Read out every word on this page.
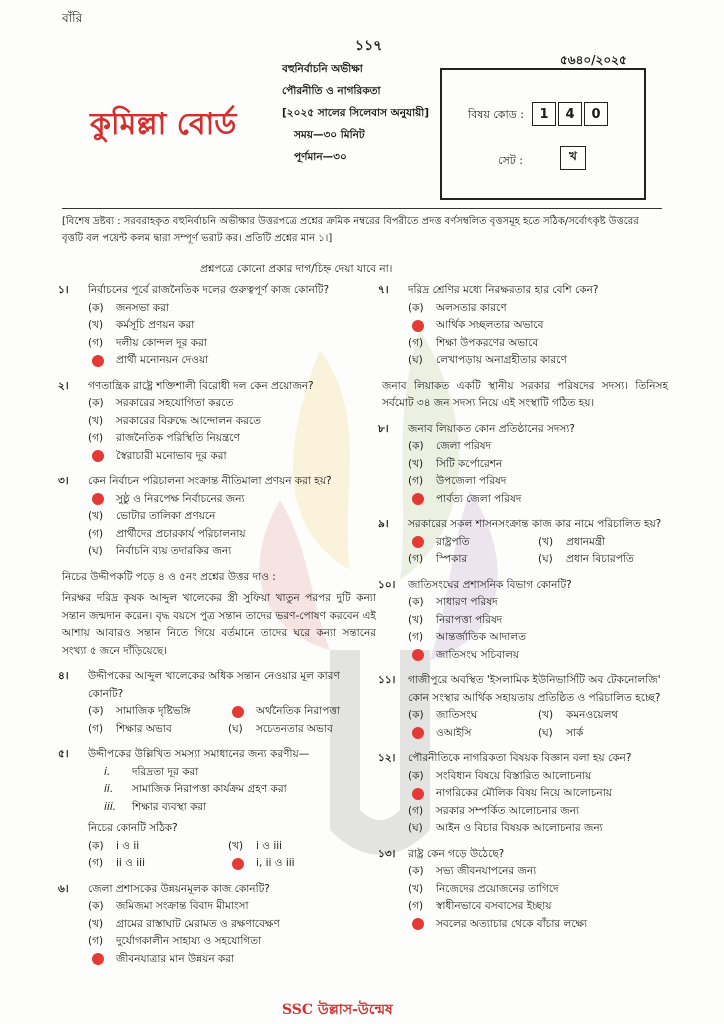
বাঁরি
১১৭
কুমিল্লা বোর্ড
বহুনির্বাচনি অভীক্ষা
পৌরনীতি ও নাগরিকতা
[২০২৫ সালের সিলেবাস অনুযায়ী]
সময়—৩০ মিনিট
পূর্ণমান—৩০
৫৬৪০/২০২৫
বিষয় কোড :	1	4	0
সেট :	খ
[বিশেষ দ্রষ্টব্য : সরবরাহকৃত বহুনির্বাচনি অভীক্ষার উত্তরপত্রে প্রশ্নের ক্রমিক নম্বরের বিপরীতে প্রদত্ত বর্ণসম্বলিত বৃত্তসমূহ হতে সঠিক/সর্বোৎকৃষ্ট উত্তরের বৃত্তটি বল পয়েন্ট কলম দ্বারা সম্পূর্ণ ভরাট কর। প্রতিটি প্রশ্নের মান ১।]
প্রশ্নপত্রে কোনো প্রকার দাগ/চিহ্ন দেয়া যাবে না।
১।	নির্বাচনের পূর্বে রাজনৈতিক দলের গুরুত্বপূর্ণ কাজ কোনটি?
(ক)	জনসভা করা
(খ)	কর্মসূচি প্রণয়ন করা
(গ)	দলীয় কোন্দল দূর করা
প্রার্থী মনোনয়ন দেওয়া
২।	গণতান্ত্রিক রাষ্ট্রে শক্তিশালী বিরোধী দল কেন প্রয়োজন?
(ক)	সরকারের সহযোগিতা করতে
(খ)	সরকারের বিরুদ্ধে আন্দোলন করতে
(গ)	রাজনৈতিক পরিস্থিতি নিয়ন্ত্রণে
স্বৈরাচারী মনোভাব দূর করা
৩।	কেন নির্বাচন পরিচালনা সংক্রান্ত নীতিমালা প্রণয়ন করা হয়?
সুষ্ঠু ও নিরপেক্ষ নির্বাচনের জন্য
(খ)	ভোটার তালিকা প্রণয়নে
(গ)	প্রার্থীদের প্রচারকার্য পরিচালনায়
(ঘ)	নির্বাচনি ব্যয় তদারকির জন্য
নিচের উদ্দীপকটি পড়ে ৪ ও ৫নং প্রশ্নের উত্তর দাও :
নিরক্ষর দরিদ্র কৃষক আব্দুল খালেকের স্ত্রী সুফিয়া খাতুন পরপর দুটি কন্যা সন্তান জন্মদান করেন। বৃদ্ধ বয়সে পুত্র সন্তান তাদের ভরণ-পোষণ করবেন এই আশায় আবারও সন্তান নিতে গিয়ে বর্তমানে তাদের ঘরে কন্যা সন্তানের সংখ্যা ৫ জনে দাঁড়িয়েছে।
৪।	উদ্দীপকের আব্দুল খালেকের অধিক সন্তান নেওয়ার মূল কারণ কোনটি?
(ক)	সামাজিক দৃষ্টিভঙ্গি	অর্থনৈতিক নিরাপত্তা
(গ)	শিক্ষার অভাব	(ঘ)	সচেতনতার অভাব
৫।	উদ্দীপকের উল্লিখিত সমস্যা সমাধানের জন্য করণীয়—
i.	দরিদ্রতা দূর করা
ii.	সামাজিক নিরাপত্তা কার্যক্রম গ্রহণ করা
iii.	শিক্ষার ব্যবস্থা করা
নিচের কোনটি সঠিক?
(ক)	i ও ii	(খ)	i ও iii
(গ)	ii ও iii	i, ii ও iii
৬।	জেলা প্রশাসকের উন্নয়নমূলক কাজ কোনটি?
(ক)	জমিজমা সংক্রান্ত বিবাদ মীমাংসা
(খ)	গ্রামের রাস্তাঘাট মেরামত ও রক্ষণাবেক্ষণ
(গ)	দুর্যোগকালীন সাহায্য ও সহযোগিতা
জীবনযাত্রার মান উন্নয়ন করা
৭।	দরিদ্র শ্রেণির মধ্যে নিরক্ষরতার হার বেশি কেন?
(ক)	অলসতার কারণে
আর্থিক সচ্ছলতার অভাবে
(গ)	শিক্ষা উপকরণের অভাবে
(ঘ)	লেখাপড়ায় অনাগ্রহীতার কারণে
জনাব লিয়াকত একটি স্থানীয় সরকার পরিষদের সদস্য। তিনিসহ সর্বমোট ৩৪ জন সদস্য নিয়ে এই সংস্থাটি গঠিত হয়।
৮।	জনাব লিয়াকত কোন প্রতিষ্ঠানের সদস্য?
(ক)	জেলা পরিষদ
(খ)	সিটি কর্পোরেশন
(গ)	উপজেলা পরিষদ
পার্বত্য জেলা পরিষদ
৯।	সরকারের সকল শাসনসংক্রান্ত কাজ কার নামে পরিচালিত হয়?
রাষ্ট্রপতি	(খ)	প্রধানমন্ত্রী
(গ)	স্পিকার	(ঘ)	প্রধান বিচারপতি
১০।	জাতিসংঘের প্রশাসনিক বিভাগ কোনটি?
(ক)	সাধারণ পরিষদ
(খ)	নিরাপত্তা পরিষদ
(গ)	আন্তর্জাতিক আদালত
জাতিসংঘ সচিবালয়
১১।	গাজীপুরে অবস্থিত 'ইসলামিক ইউনিভার্সিটি অব টেকনোলজি' কোন সংস্থার আর্থিক সহায়তায় প্রতিষ্ঠিত ও পরিচালিত হচ্ছে?
(ক)	জাতিসংঘ	(খ)	কমনওয়েলথ
ওআইসি	(ঘ)	সার্ক
১২।	পৌরনীতিকে নাগরিকতা বিষয়ক বিজ্ঞান বলা হয় কেন?
(ক)	সংবিধান বিষয়ে বিস্তারিত আলোচনায়
নাগরিকের মৌলিক বিষয় নিয়ে আলোচনায়
(গ)	সরকার সম্পর্কিত আলোচনার জন্য
(ঘ)	আইন ও বিচার বিষয়ক আলোচনার জন্য
১৩।	রাষ্ট্র কেন গড়ে উঠেছে?
(ক)	সভ্য জীবনযাপনের জন্য
(খ)	নিজেদের প্রয়োজনের তাগিদে
(গ)	স্বাধীনভাবে বসবাসের ইচ্ছায়
সবলের অত্যাচার থেকে বাঁচার লক্ষ্যে
SSC উল্লাস-উন্মেষ
